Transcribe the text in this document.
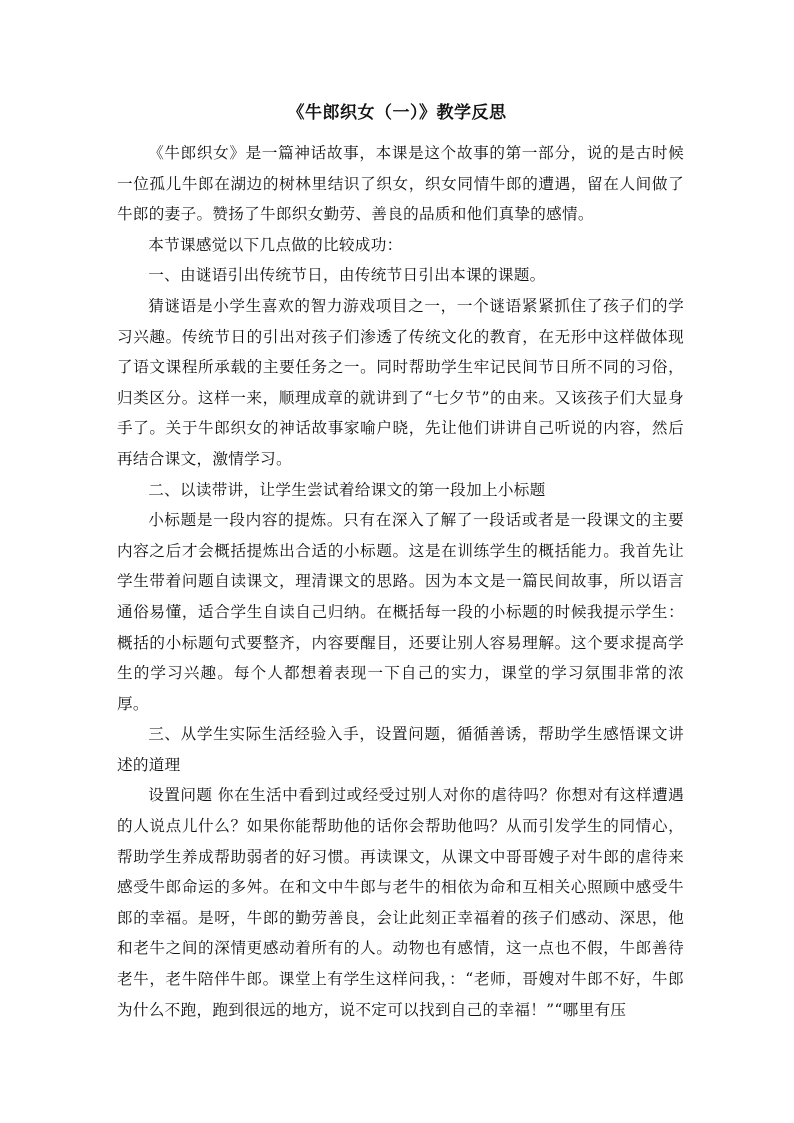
《牛郎织女（一）》教学反思

《牛郎织女》是一篇神话故事，本课是这个故事的第一部分，说的是古时候一位孤儿牛郎在湖边的树林里结识了织女，织女同情牛郎的遭遇，留在人间做了牛郎的妻子。赞扬了牛郎织女勤劳、善良的品质和他们真挚的感情。

本节课感觉以下几点做的比较成功：

一、由谜语引出传统节日，由传统节日引出本课的课题。

猜谜语是小学生喜欢的智力游戏项目之一，一个谜语紧紧抓住了孩子们的学习兴趣。传统节日的引出对孩子们渗透了传统文化的教育，在无形中这样做体现了语文课程所承载的主要任务之一。同时帮助学生牢记民间节日所不同的习俗，归类区分。这样一来，顺理成章的就讲到了“七夕节”的由来。又该孩子们大显身手了。关于牛郎织女的神话故事家喻户晓，先让他们讲讲自己听说的内容，然后再结合课文，激情学习。

二、以读带讲，让学生尝试着给课文的第一段加上小标题

小标题是一段内容的提炼。只有在深入了解了一段话或者是一段课文的主要内容之后才会概括提炼出合适的小标题。这是在训练学生的概括能力。我首先让学生带着问题自读课文，理清课文的思路。因为本文是一篇民间故事，所以语言通俗易懂，适合学生自读自己归纳。在概括每一段的小标题的时候我提示学生：概括的小标题句式要整齐，内容要醒目，还要让别人容易理解。这个要求提高学生的学习兴趣。每个人都想着表现一下自己的实力，课堂的学习氛围非常的浓厚。

三、从学生实际生活经验入手，设置问题，循循善诱，帮助学生感悟课文讲述的道理

设置问题 你在生活中看到过或经受过别人对你的虐待吗？你想对有这样遭遇的人说点儿什么？如果你能帮助他的话你会帮助他吗？从而引发学生的同情心，帮助学生养成帮助弱者的好习惯。再读课文，从课文中哥哥嫂子对牛郎的虐待来感受牛郎命运的多舛。在和文中牛郎与老牛的相依为命和互相关心照顾中感受牛郎的幸福。是呀，牛郎的勤劳善良，会让此刻正幸福着的孩子们感动、深思，他和老牛之间的深情更感动着所有的人。动物也有感情，这一点也不假，牛郎善待老牛，老牛陪伴牛郎。课堂上有学生这样问我，：“老师，哥嫂对牛郎不好，牛郎为什么不跑，跑到很远的地方，说不定可以找到自己的幸福！”“哪里有压
